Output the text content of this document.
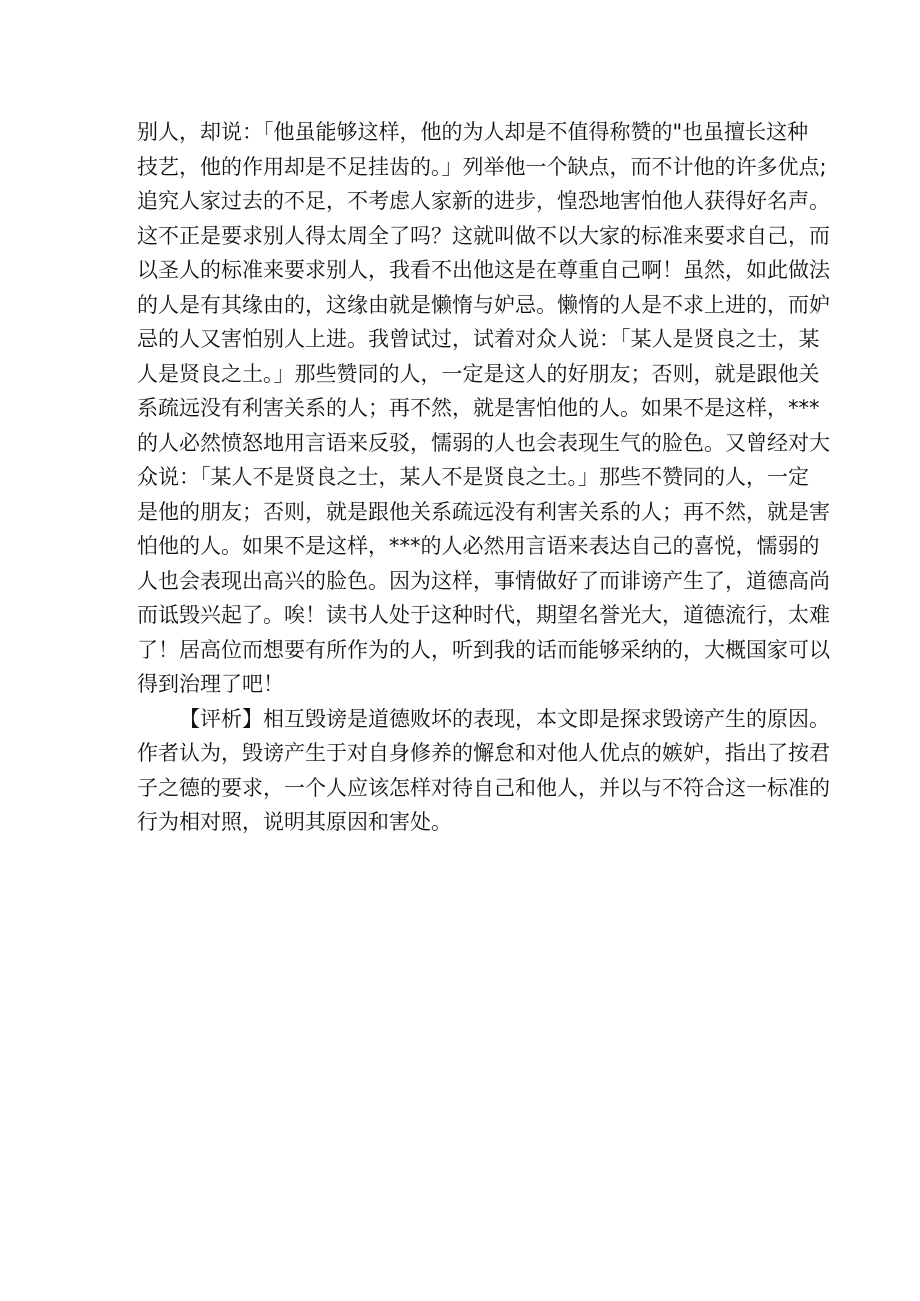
别人，却说：「他虽能够这样，他的为人却是不值得称赞的"也虽擅长这种
技艺，他的作用却是不足挂齿的。」列举他一个缺点，而不计他的许多优点;
追究人家过去的不足，不考虑人家新的进步，惶恐地害怕他人获得好名声。
这不正是要求别人得太周全了吗？这就叫做不以大家的标准来要求自己，而
以圣人的标准来要求别人，我看不出他这是在尊重自己啊！虽然，如此做法
的人是有其缘由的，这缘由就是懒惰与妒忌。懒惰的人是不求上进的，而妒
忌的人又害怕别人上进。我曾试过，试着对众人说：「某人是贤良之士，某
人是贤良之土。」那些赞同的人，一定是这人的好朋友；否则，就是跟他关
系疏远没有利害关系的人；再不然，就是害怕他的人。如果不是这样，***
的人必然愤怒地用言语来反驳，懦弱的人也会表现生气的脸色。又曾经对大
众说：「某人不是贤良之士，某人不是贤良之土。」那些不赞同的人，一定
是他的朋友；否则，就是跟他关系疏远没有利害关系的人；再不然，就是害
怕他的人。如果不是这样，***的人必然用言语来表达自己的喜悦，懦弱的
人也会表现出高兴的脸色。因为这样，事情做好了而诽谤产生了，道德高尚
而诋毁兴起了。唉！读书人处于这种时代，期望名誉光大，道德流行，太难
了！居高位而想要有所作为的人，听到我的话而能够采纳的，大概国家可以
得到治理了吧！
【评析】相互毁谤是道德败坏的表现，本文即是探求毁谤产生的原因。
作者认为，毁谤产生于对自身修养的懈怠和对他人优点的嫉妒，指出了按君
子之德的要求，一个人应该怎样对待自己和他人，并以与不符合这一标准的
行为相对照，说明其原因和害处。
